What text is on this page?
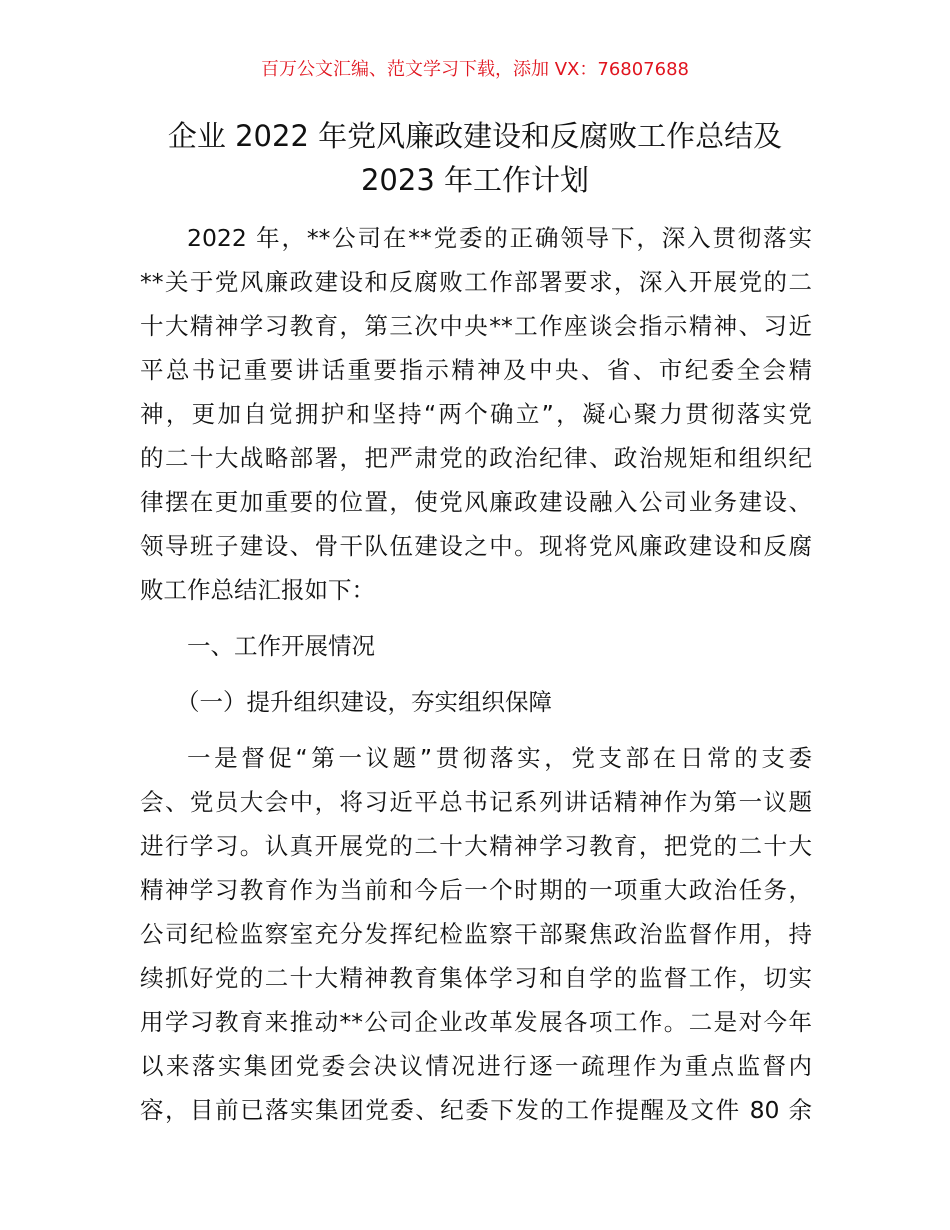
百万公文汇编、范文学习下载，添加 VX：76807688
企业 2022 年党风廉政建设和反腐败工作总结及
2023 年工作计划
2022 年，**公司在**党委的正确领导下，深入贯彻落实
**关于党风廉政建设和反腐败工作部署要求，深入开展党的二
十大精神学习教育，第三次中央**工作座谈会指示精神、习近
平总书记重要讲话重要指示精神及中央、省、市纪委全会精
神，更加自觉拥护和坚持“两个确立”，凝心聚力贯彻落实党
的二十大战略部署，把严肃党的政治纪律、政治规矩和组织纪
律摆在更加重要的位置，使党风廉政建设融入公司业务建设、
领导班子建设、骨干队伍建设之中。现将党风廉政建设和反腐
败工作总结汇报如下：
一、工作开展情况
（一）提升组织建设，夯实组织保障
一是督促“第一议题”贯彻落实，党支部在日常的支委
会、党员大会中，将习近平总书记系列讲话精神作为第一议题
进行学习。认真开展党的二十大精神学习教育，把党的二十大
精神学习教育作为当前和今后一个时期的一项重大政治任务，
公司纪检监察室充分发挥纪检监察干部聚焦政治监督作用，持
续抓好党的二十大精神教育集体学习和自学的监督工作，切实
用学习教育来推动**公司企业改革发展各项工作。二是对今年
以来落实集团党委会决议情况进行逐一疏理作为重点监督内
容，目前已落实集团党委、纪委下发的工作提醒及文件 80 余
